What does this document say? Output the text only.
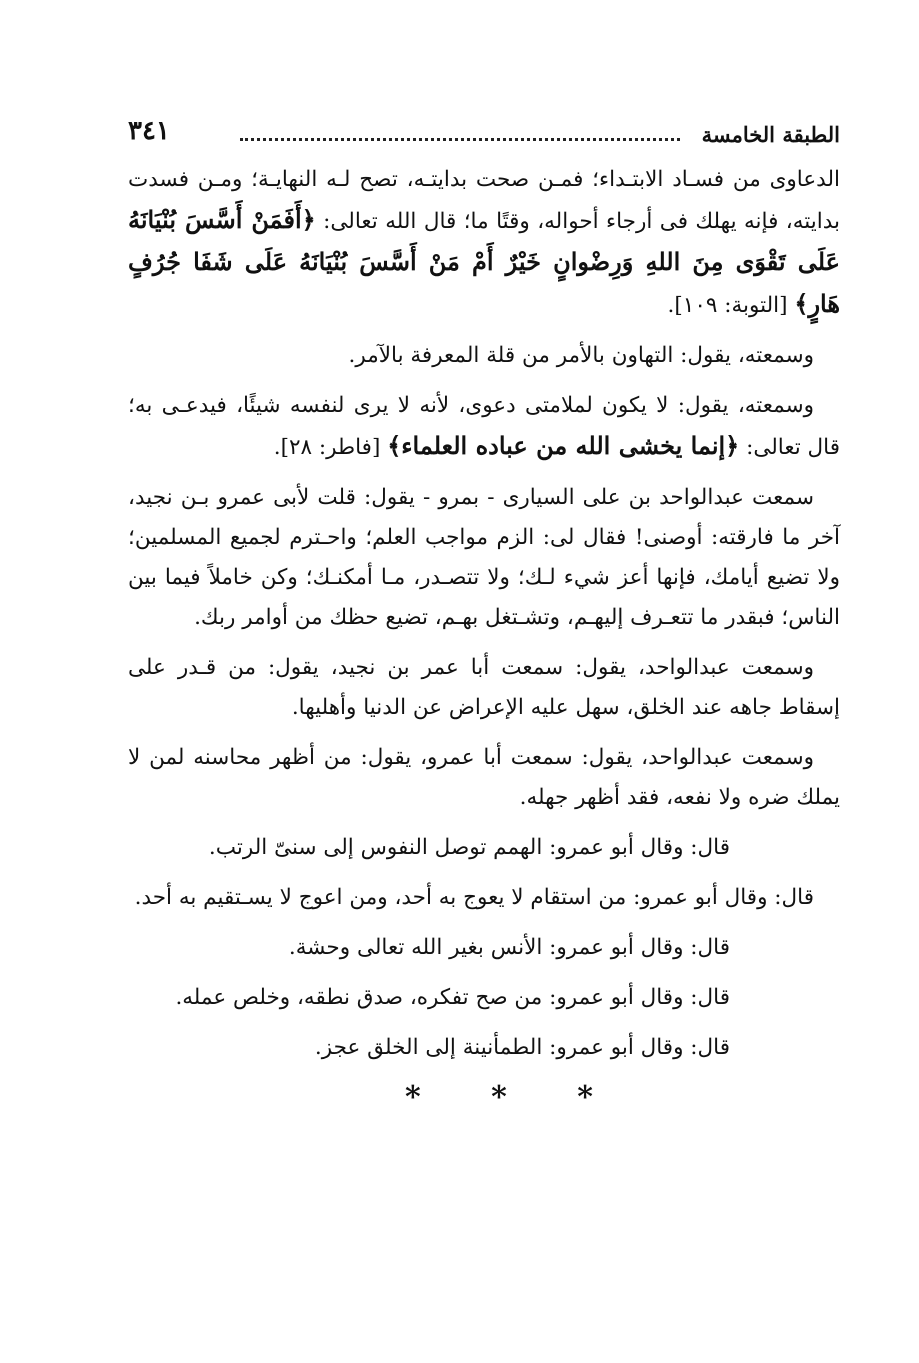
الطبقة الخامسة
٣٤١

الدعاوى من فسـاد الابتـداء؛ فمـن صحت بدايتـه، تصح لـه النهايـة؛ ومـن فسدت بدايته، فإنه يهلك فى أرجاء أحواله، وقتًا ما؛ قال الله تعالى: ﴿أَفَمَنْ أَسَّسَ بُنْيَانَهُ عَلَى تَقْوَى مِنَ اللهِ وَرِضْوانٍ خَيْرٌ أَمْ مَنْ أَسَّسَ بُنْيَانَهُ عَلَى شَفَا جُرُفٍ هَارٍ﴾ [التوبة: ١٠٩].

وسمعته، يقول: التهاون بالأمر من قلة المعرفة بالآمر.

وسمعته، يقول: لا يكون لملامتى دعوى، لأنه لا يرى لنفسه شيئًا، فيدعـى به؛ قال تعالى: ﴿إنما يخشى الله من عباده العلماء﴾ [فاطر: ٢٨].

سمعت عبدالواحد بن على السيارى - بمرو - يقول: قلت لأبى عمرو بـن نجيد، آخر ما فارقته: أوصنى! فقال لى: الزم مواجب العلم؛ واحـترم لجميع المسلمين؛ ولا تضيع أيامك، فإنها أعز شيء لـك؛ ولا تتصـدر، مـا أمكنـك؛ وكن خاملاً فيما بين الناس؛ فبقدر ما تتعـرف إليهـم، وتشـتغل بهـم، تضيع حظك من أوامر ربك.

وسمعت عبدالواحد، يقول: سمعت أبا عمر بن نجيد، يقول: من قـدر على إسقاط جاهه عند الخلق، سهل عليه الإعراض عن الدنيا وأهليها.

وسمعت عبدالواحد، يقول: سمعت أبا عمرو، يقول: من أظهر محاسنه لمن لا يملك ضره ولا نفعه، فقد أظهر جهله.

قال: وقال أبو عمرو: الهمم توصل النفوس إلى سنىّ الرتب.

قال: وقال أبو عمرو: من استقام لا يعوج به أحد، ومن اعوج لا يسـتقيم به أحد.

قال: وقال أبو عمرو: الأنس بغير الله تعالى وحشة.

قال: وقال أبو عمرو: من صح تفكره، صدق نطقه، وخلص عمله.

قال: وقال أبو عمرو: الطمأنينة إلى الخلق عجز.

* * *
